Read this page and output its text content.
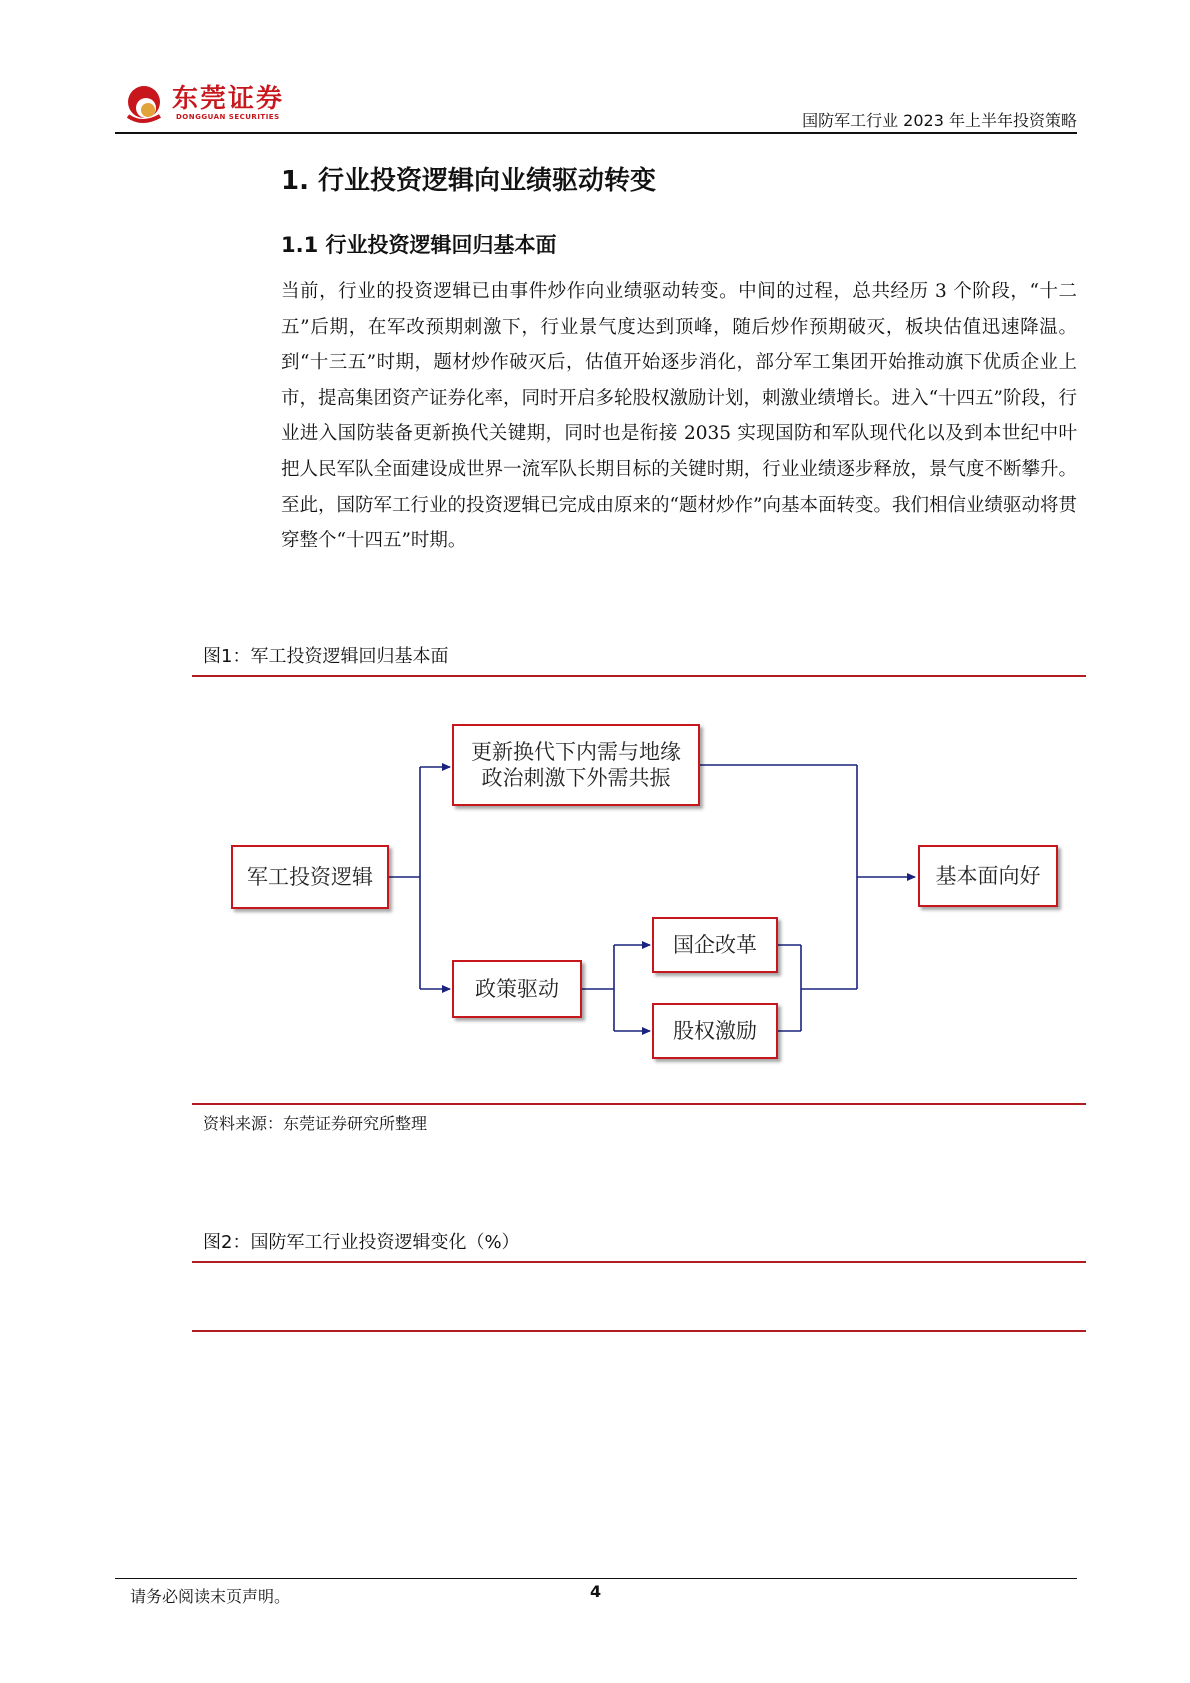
东莞证券
DONGGUAN SECURITIES	国防军工行业 2023 年上半年投资策略
1. 行业投资逻辑向业绩驱动转变
1.1 行业投资逻辑回归基本面

当前，行业的投资逻辑已由事件炒作向业绩驱动转变。中间的过程，总共经历 3 个阶段，“十二五”后期，在军改预期刺激下，行业景气度达到顶峰，随后炒作预期破灭，板块估值迅速降温。到“十三五”时期，题材炒作破灭后，估值开始逐步消化，部分军工集团开始推动旗下优质企业上市，提高集团资产证券化率，同时开启多轮股权激励计划，刺激业绩增长。进入“十四五”阶段，行业进入国防装备更新换代关键期，同时也是衔接 2035 实现国防和军队现代化以及到本世纪中叶把人民军队全面建设成世界一流军队长期目标的关键时期，行业业绩逐步释放，景气度不断攀升。至此，国防军工行业的投资逻辑已完成由原来的“题材炒作”向基本面转变。我们相信业绩驱动将贯穿整个“十四五”时期。

图1：军工投资逻辑回归基本面
军工投资逻辑
更新换代下内需与地缘
政治刺激下外需共振
政策驱动
国企改革
股权激励
基本面向好
资料来源：东莞证券研究所整理
图2：国防军工行业投资逻辑变化（%）
请务必阅读末页声明。	4
